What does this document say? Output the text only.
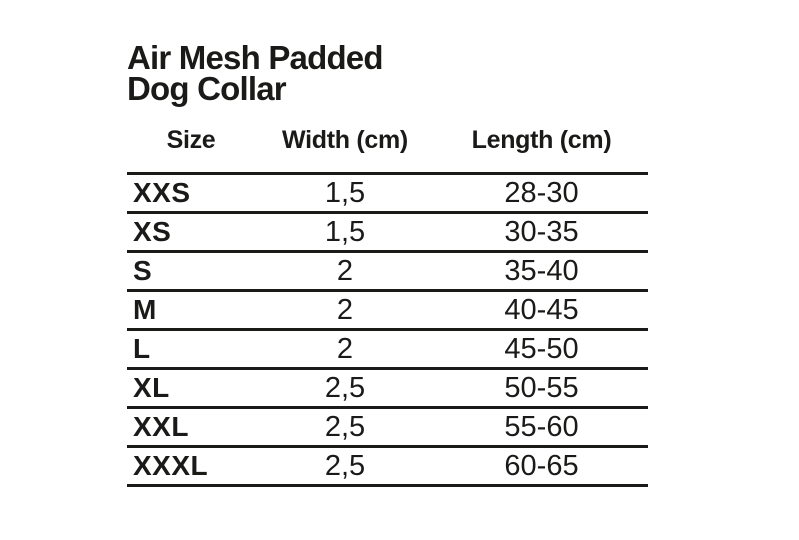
Air Mesh Padded
Dog Collar
Size	Width (cm)	Length (cm)
XXS	1,5	28-30
XS	1,5	30-35
S	2	35-40
M	2	40-45
L	2	45-50
XL	2,5	50-55
XXL	2,5	55-60
XXXL	2,5	60-65
